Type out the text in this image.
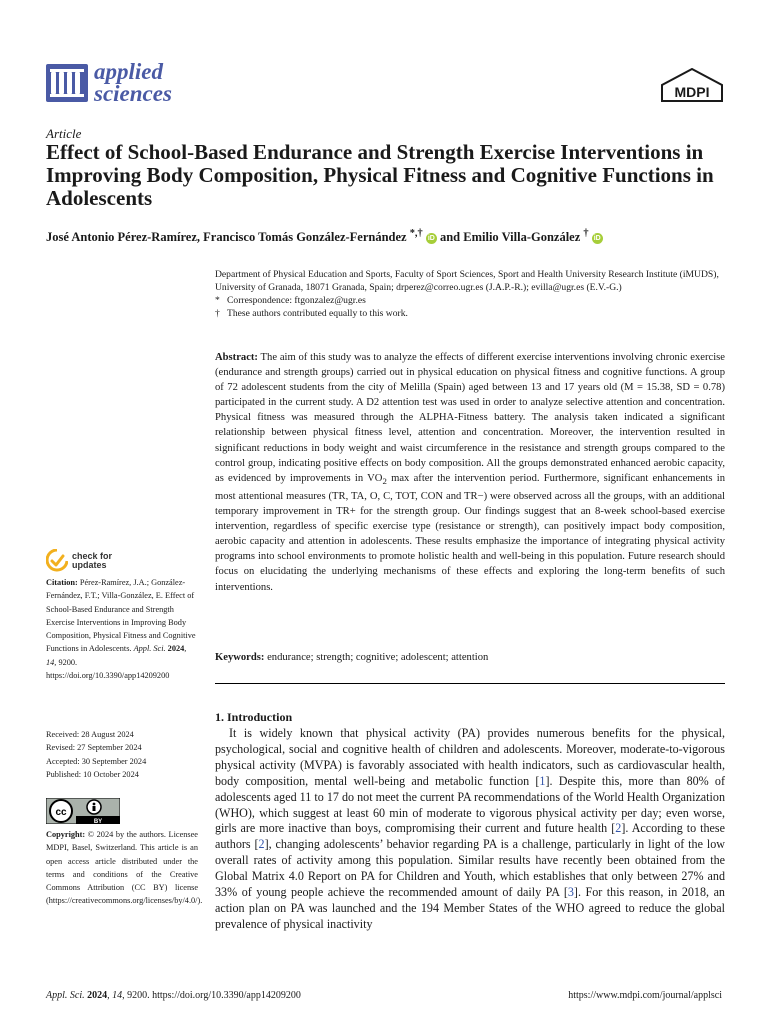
applied
sciences	MDPI
Article
Effect of School-Based Endurance and Strength Exercise Interventions in Improving Body Composition, Physical Fitness and Cognitive Functions in Adolescents
José Antonio Pérez-Ramírez, Francisco Tomás González-Fernández *,† iD and Emilio Villa-González † iD
Department of Physical Education and Sports, Faculty of Sport Sciences, Sport and Health University Research Institute (iMUDS), University of Granada, 18071 Granada, Spain; drperez@correo.ugr.es (J.A.P.-R.); evilla@ugr.es (E.V.-G.)
* Correspondence: ftgonzalez@ugr.es
† These authors contributed equally to this work.

Abstract: The aim of this study was to analyze the effects of different exercise interventions involving chronic exercise (endurance and strength groups) carried out in physical education on physical fitness and cognitive functions. A group of 72 adolescent students from the city of Melilla (Spain) aged between 13 and 17 years old (M = 15.38, SD = 0.78) participated in the current study. A D2 attention test was used in order to analyze selective attention and concentration. Physical fitness was measured through the ALPHA-Fitness battery. The analysis taken indicated a significant relationship between physical fitness level, attention and concentration. Moreover, the intervention resulted in significant reductions in body weight and waist circumference in the resistance and strength groups compared to the control group, indicating positive effects on body composition. All the groups demonstrated enhanced aerobic capacity, as evidenced by improvements in $VO_2$ max after the intervention period. Furthermore, significant enhancements in most attentional measures (TR, TA, O, C, TOT, CON and TR−) were observed across all the groups, with an additional temporary improvement in TR+ for the strength group. Our findings suggest that an 8-week school-based exercise intervention, regardless of specific exercise type (resistance or strength), can positively impact body composition, aerobic capacity and attention in adolescents. These results emphasize the importance of integrating physical activity programs into school environments to promote holistic health and well-being in this population. Future research should focus on elucidating the underlying mechanisms of these effects and exploring the long-term benefits of such interventions.

Keywords: endurance; strength; cognitive; adolescent; attention

1. Introduction

It is widely known that physical activity (PA) provides numerous benefits for the physical, psychological, social and cognitive health of children and adolescents. Moreover, moderate-to-vigorous physical activity (MVPA) is favorably associated with health indicators, such as cardiovascular health, body composition, mental well-being and metabolic function [1]. Despite this, more than 80% of adolescents aged 11 to 17 do not meet the current PA recommendations of the World Health Organization (WHO), which suggest at least 60 min of moderate to vigorous physical activity per day; even worse, girls are more inactive than boys, compromising their current and future health [2]. According to these authors [2], changing adolescents’ behavior regarding PA is a challenge, particularly in light of the low overall rates of activity among this population. Similar results have recently been obtained from the Global Matrix 4.0 Report on PA for Children and Youth, which establishes that only between 27% and 33% of young people achieve the recommended amount of daily PA [3]. For this reason, in 2018, an action plan on PA was launched and the 194 Member States of the WHO agreed to reduce the global prevalence of physical inactivity

check for
updates
Citation: Pérez-Ramírez, J.A.; González-Fernández, F.T.; Villa-González, E. Effect of School-Based Endurance and Strength Exercise Interventions in Improving Body Composition, Physical Fitness and Cognitive Functions in Adolescents. Appl. Sci. 2024, 14, 9200. https://doi.org/10.3390/app14209200
Received: 28 August 2024
Revised: 27 September 2024
Accepted: 30 September 2024
Published: 10 October 2024
cc
BY
Copyright: © 2024 by the authors. Licensee MDPI, Basel, Switzerland. This article is an open access article distributed under the terms and conditions of the Creative Commons Attribution (CC BY) license (https://creativecommons.org/licenses/by/4.0/).
Appl. Sci. 2024, 14, 9200. https://doi.org/10.3390/app14209200	https://www.mdpi.com/journal/applsci
